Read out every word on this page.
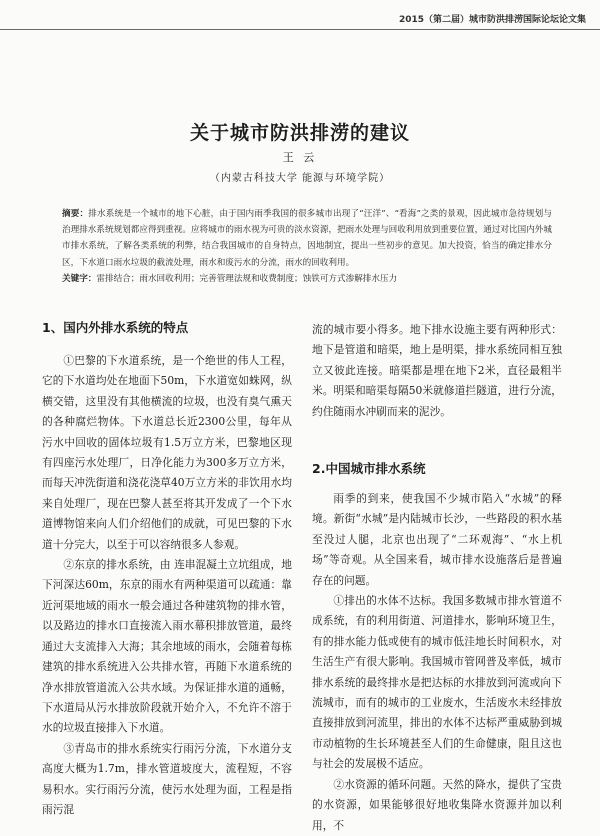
2015（第二届）城市防洪排涝国际论坛论文集
关于城市防洪排涝的建议
王 云
（内蒙古科技大学 能源与环境学院）
摘要：排水系统是一个城市的地下心脏，由于国内雨季我国的很多城市出现了“汪洋”、“看海”之类的景观，因此城市急待规划与治理排水系统规划都应得到重视。应将城市的雨水视为可贵的淡水资源，把雨水处理与回收利用放到重要位置，通过对比国内外城市排水系统，了解各类系统的利弊，结合我国城市的自身特点，因地制宜，提出一些初步的意见。加大投资，恰当的确定排水分区，下水道口雨水垃圾的截流处理，雨水和废污水的分流，雨水的回收利用。
关键字：雷排结合；雨水回收利用；完善管理法规和收费制度；蚀铁可方式渗解排水压力
1、国内外排水系统的特点

①巴黎的下水道系统，是一个绝世的伟人工程，它的下水道均处在地面下50m，下水道宽如蛛网，纵横交错，这里没有其他横流的垃圾，也没有臭气熏天的各种腐烂物体。下水道总长近2300公里，每年从污水中回收的固体垃圾有1.5万立方米，巴黎地区现有四座污水处理厂，日净化能力为300多万立方米，而每天冲洗街道和浇花浇草40万立方米的非饮用水均来自处理厂，现在巴黎人甚至将其开发成了一个下水道博物馆来向人们介绍他们的成就，可见巴黎的下水道十分完大，以至于可以容纳很多人参观。

②东京的排水系统，由 连串混凝土立坑组成，地下河深达60m，东京的雨水有两种渠道可以疏通：靠近河渠地域的雨水一般会通过各种建筑物的排水管，以及路边的排水口直接流入雨水幕积排放管道，最终通过大支流排入大海；其余地域的雨水，会随着每栋建筑的排水系统进入公共排水管，再随下水道系统的净水排放管道流入公共水域。为保证排水道的通畅，下水道局从污水排放阶段就开始介入，不允许不溶于水的垃圾直接排入下水道。

③青岛市的排水系统实行雨污分流，下水道分支高度大概为1.7m，排水管道坡度大，流程短，不容易积水。实行雨污分流，使污水处理为面，工程是指雨污混

流的城市要小得多。地下排水设施主要有两种形式：地下是管道和暗渠，地上是明渠，排水系统同相互独立又彼此连接。暗渠都是埋在地下2米，直径最粗半米。明渠和暗渠每隔50米就修道拦隧道，进行分流，约住随雨水冲刷而来的泥沙。

2.中国城市排水系统

雨季的到来，使我国不少城市陷入“水城”的释境。新街“水城”是内陆城市长沙，一些路段的积水基至没过人腿，北京也出现了“二环观海”、“水上机场”等奇观。从全国来看，城市排水设施落后是普遍存在的问题。

①排出的水体不达标。我国多数城市排水管道不成系统，有的利用街道、河道排水，影响环境卫生，有的排水能力低或使有的城市低洼地长时间积水，对生活生产有很大影响。我国城市管网普及率低，城市排水系统的最终排水是把达标的水排放到河流或向下流城市，而有的城市的工业废水，生活废水未经排放直接排放到河流里，排出的水体不达标严重威胁到城市动植物的生长环境甚至人们的生命健康，阻且这也与社会的发展极不适应。

②水资源的循环问题。天然的降水，提供了宝贵的水资源，如果能够很好地收集降水资源并加以利用，不
